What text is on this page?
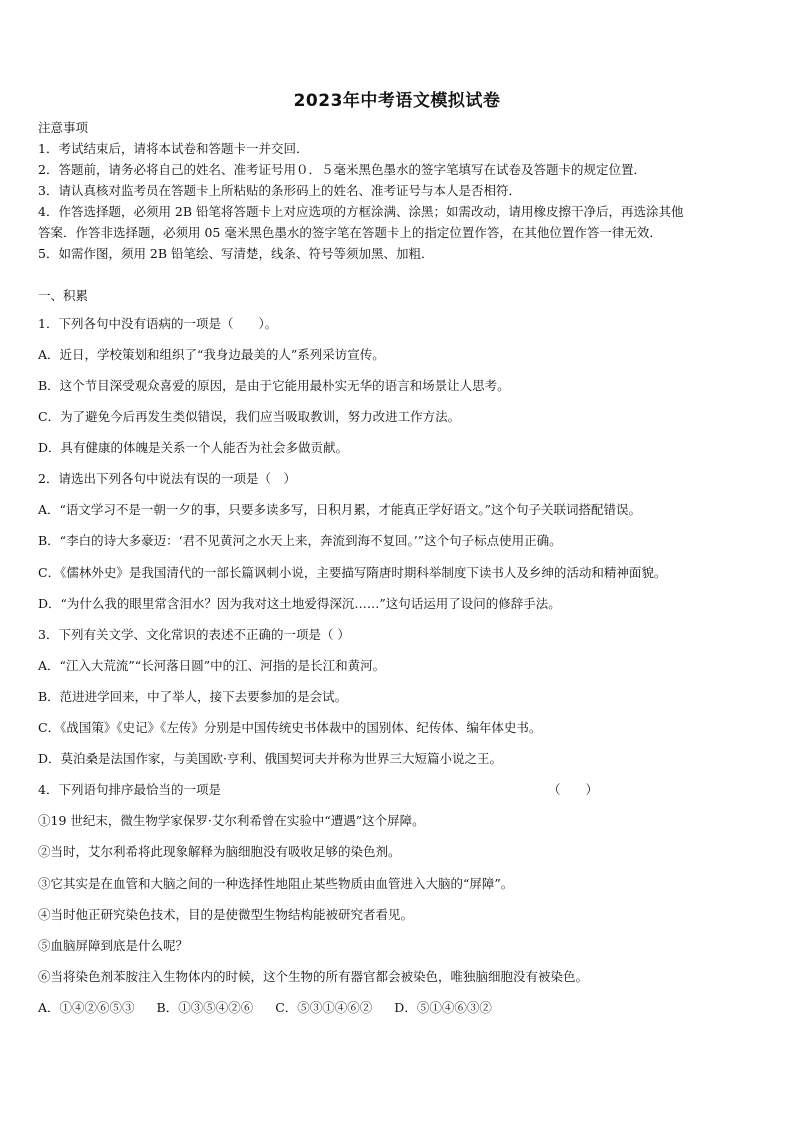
2023年中考语文模拟试卷
注意事项
1．考试结束后，请将本试卷和答题卡一并交回．
2．答题前，请务必将自己的姓名、准考证号用０．５毫米黑色墨水的签字笔填写在试卷及答题卡的规定位置．
3．请认真核对监考员在答题卡上所粘贴的条形码上的姓名、准考证号与本人是否相符．
4．作答选择题，必须用 2B 铅笔将答题卡上对应选项的方框涂满、涂黑；如需改动，请用橡皮擦干净后，再选涂其他
答案．作答非选择题，必须用 05 毫米黑色墨水的签字笔在答题卡上的指定位置作答，在其他位置作答一律无效．
5．如需作图，须用 2B 铅笔绘、写清楚，线条、符号等须加黑、加粗．
一、积累
1．下列各句中没有语病的一项是（　　）。
A．近日，学校策划和组织了“我身边最美的人”系列采访宣传。
B．这个节目深受观众喜爱的原因，是由于它能用最朴实无华的语言和场景让人思考。
C．为了避免今后再发生类似错误，我们应当吸取教训，努力改进工作方法。
D．具有健康的体魄是关系一个人能否为社会多做贡献。
2．请选出下列各句中说法有误的一项是（　）
A．“语文学习不是一朝一夕的事，只要多读多写，日积月累，才能真正学好语文。”这个句子关联词搭配错误。
B．“李白的诗大多豪迈：‘君不见黄河之水天上来，奔流到海不复回。’”这个句子标点使用正确。
C．《儒林外史》是我国清代的一部长篇讽刺小说，主要描写隋唐时期科举制度下读书人及乡绅的活动和精神面貌。
D．“为什么我的眼里常含泪水？因为我对这土地爱得深沉……”这句话运用了设问的修辞手法。
3．下列有关文学、文化常识的表述不正确的一项是（ ）
A．“江入大荒流”“长河落日圆”中的江、河指的是长江和黄河。
B．范进进学回来，中了举人，接下去要参加的是会试。
C．《战国策》《史记》《左传》分别是中国传统史书体裁中的国别体、纪传体、编年体史书。
D．莫泊桑是法国作家，与美国欧·亨利、俄国契诃夫并称为世界三大短篇小说之王。
4．下列语句排序最恰当的一项是	（　　）
①19 世纪末，微生物学家保罗·艾尔利希曾在实验中“遭遇”这个屏障。
②当时，艾尔利希将此现象解释为脑细胞没有吸收足够的染色剂。
③它其实是在血管和大脑之间的一种选择性地阻止某些物质由血管进入大脑的“屏障”。
④当时他正研究染色技术，目的是使微型生物结构能被研究者看见。
⑤血脑屏障到底是什么呢？
⑥当将染色剂苯胺注入生物体内的时候，这个生物的所有器官都会被染色，唯独脑细胞没有被染色。
A．①④②⑥⑤③ B．①③⑤④②⑥ C．⑤③①④⑥② D．⑤①④⑥③②
